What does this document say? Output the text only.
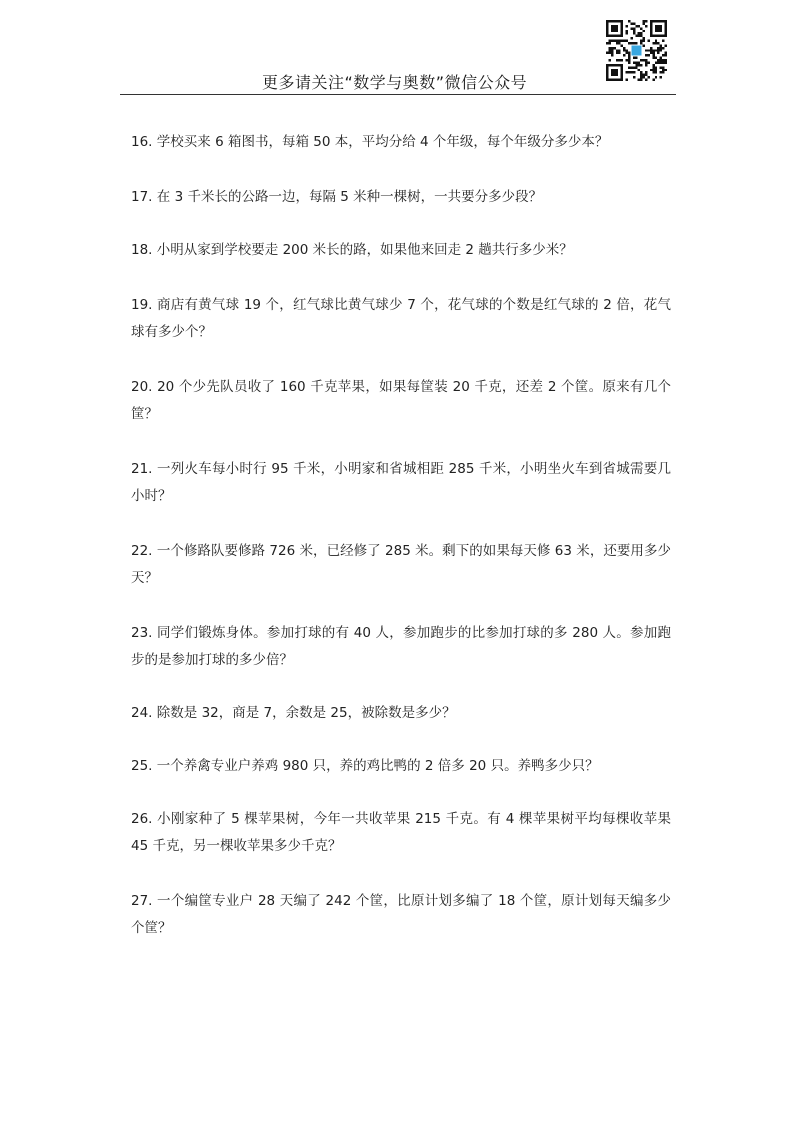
更多请关注“数学与奥数”微信公众号
16. 学校买来 6 箱图书，每箱 50 本，平均分给 4 个年级，每个年级分多少本？
17. 在 3 千米长的公路一边，每隔 5 米种一棵树，一共要分多少段？
18. 小明从家到学校要走 200 米长的路，如果他来回走 2 趟共行多少米？
19. 商店有黄气球 19 个，红气球比黄气球少 7 个，花气球的个数是红气球的 2 倍，花气球有多少个？
20. 20 个少先队员收了 160 千克苹果，如果每筐装 20 千克，还差 2 个筐。原来有几个筐？
21. 一列火车每小时行 95 千米，小明家和省城相距 285 千米，小明坐火车到省城需要几小时？
22. 一个修路队要修路 726 米，已经修了 285 米。剩下的如果每天修 63 米，还要用多少天？
23. 同学们锻炼身体。参加打球的有 40 人，参加跑步的比参加打球的多 280 人。参加跑步的是参加打球的多少倍？
24. 除数是 32，商是 7，余数是 25，被除数是多少？
25. 一个养禽专业户养鸡 980 只，养的鸡比鸭的 2 倍多 20 只。养鸭多少只？
26. 小刚家种了 5 棵苹果树，今年一共收苹果 215 千克。有 4 棵苹果树平均每棵收苹果 45 千克，另一棵收苹果多少千克？
27. 一个编筐专业户 28 天编了 242 个筐，比原计划多编了 18 个筐，原计划每天编多少个筐？
